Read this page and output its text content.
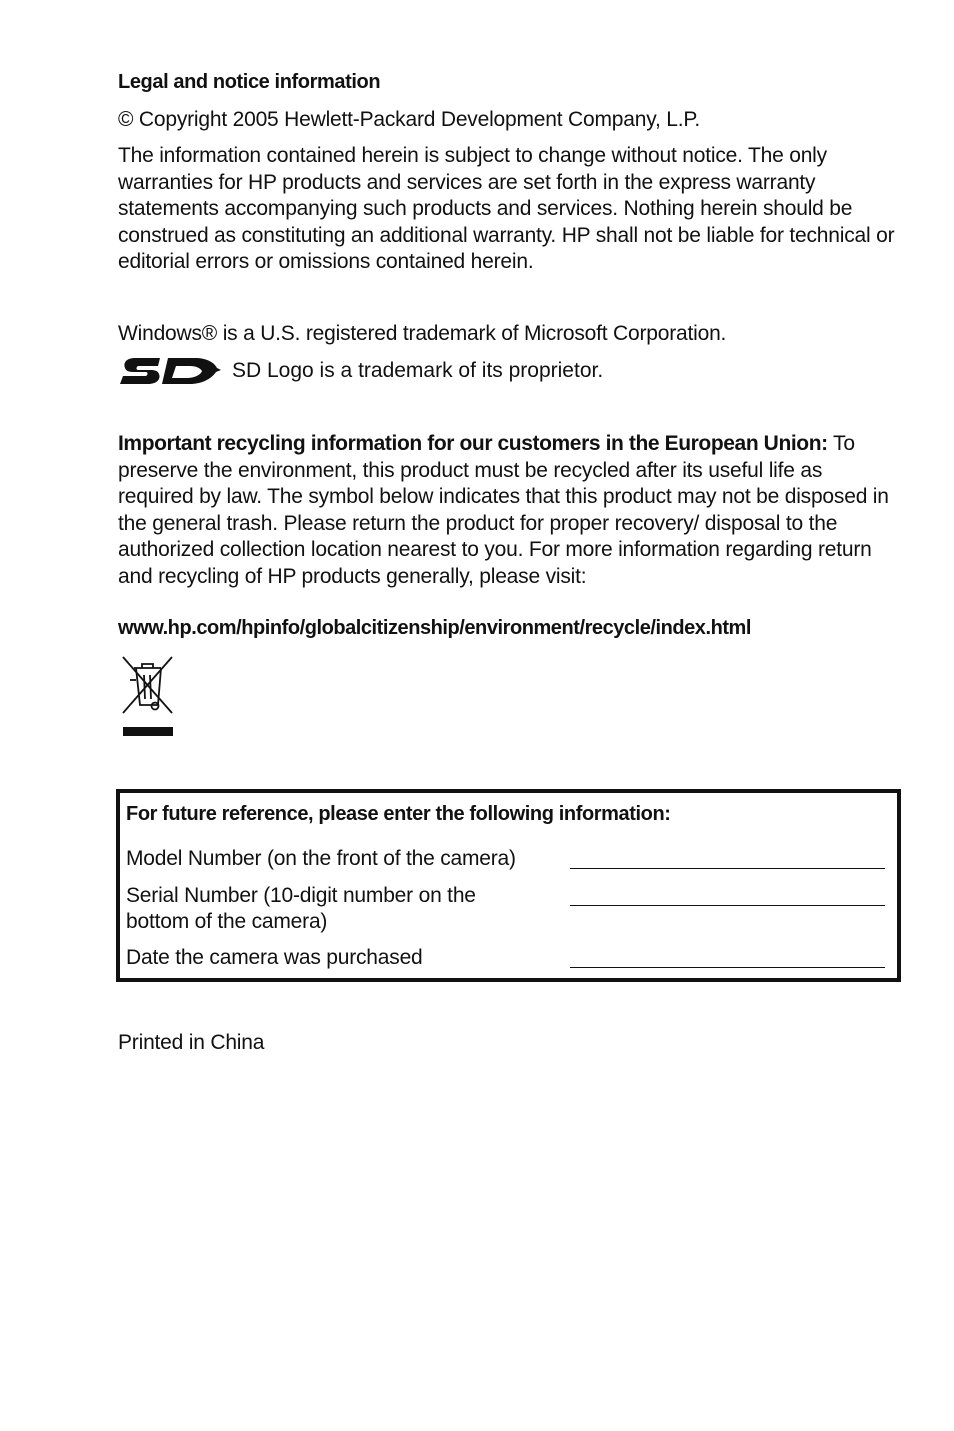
Legal and notice information

© Copyright 2005 Hewlett-Packard Development Company, L.P.

The information contained herein is subject to change without notice. The only warranties for HP products and services are set forth in the express warranty statements accompanying such products and services. Nothing herein should be construed as constituting an additional warranty. HP shall not be liable for technical or editorial errors or omissions contained herein.

Windows® is a U.S. registered trademark of Microsoft Corporation.

SD Logo is a trademark of its proprietor.

Important recycling information for our customers in the European Union: To preserve the environment, this product must be recycled after its useful life as required by law. The symbol below indicates that this product may not be disposed in the general trash. Please return the product for proper recovery/ disposal to the authorized collection location nearest to you. For more information regarding return and recycling of HP products generally, please visit:

www.hp.com/hpinfo/globalcitizenship/environment/recycle/index.html

For future reference, please enter the following information:
Model Number (on the front of the camera)
Serial Number (10-digit number on the bottom of the camera)
Date the camera was purchased

Printed in China
